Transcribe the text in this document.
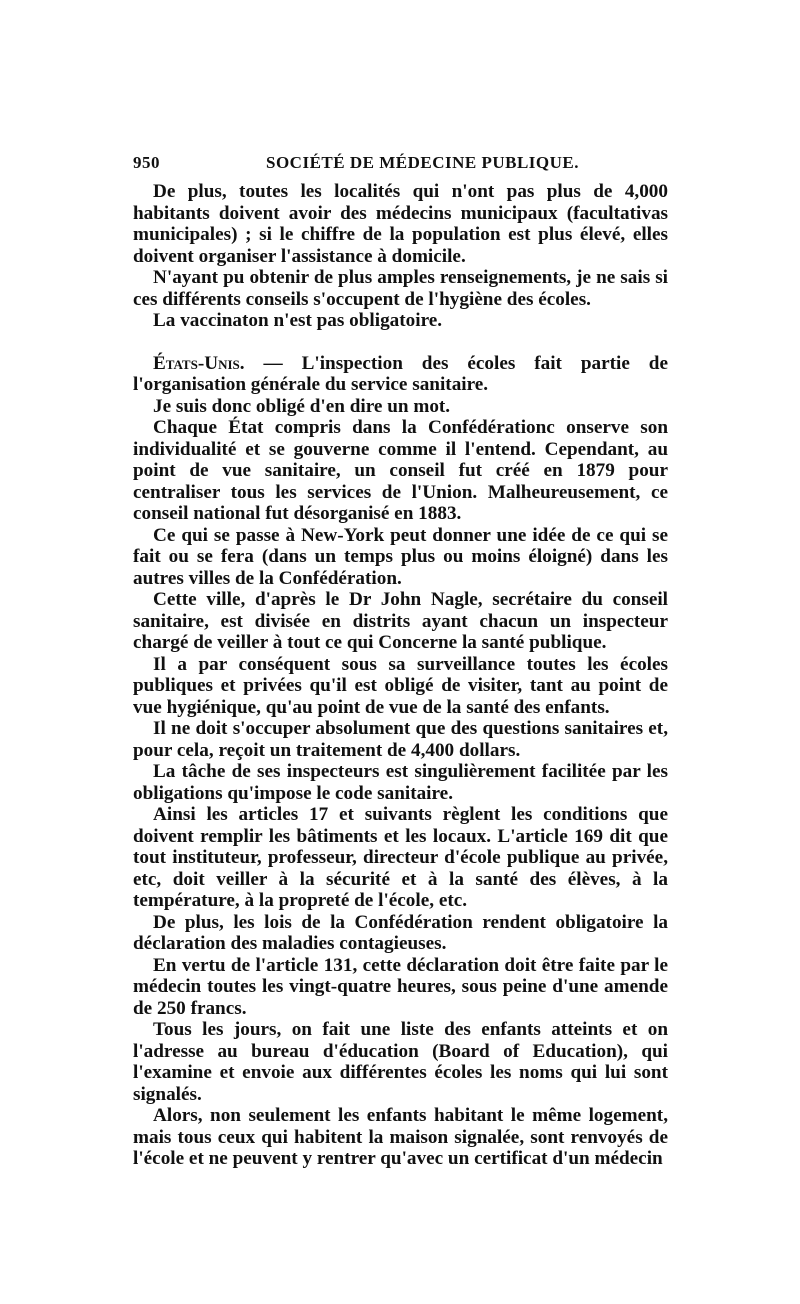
950	SOCIÉTÉ DE MÉDECINE PUBLIQUE.

De plus, toutes les localités qui n'ont pas plus de 4,000 habitants doivent avoir des médecins municipaux (facultativas municipales) ; si le chiffre de la population est plus élevé, elles doivent organiser l'assistance à domicile.

N'ayant pu obtenir de plus amples renseignements, je ne sais si ces différents conseils s'occupent de l'hygiène des écoles.

La vaccinaton n'est pas obligatoire.

États-Unis. — L'inspection des écoles fait partie de l'organisation générale du service sanitaire.

Je suis donc obligé d'en dire un mot.

Chaque État compris dans la Confédérationc onserve son individualité et se gouverne comme il l'entend. Cependant, au point de vue sanitaire, un conseil fut créé en 1879 pour centraliser tous les services de l'Union. Malheureusement, ce conseil national fut désorganisé en 1883.

Ce qui se passe à New-York peut donner une idée de ce qui se fait ou se fera (dans un temps plus ou moins éloigné) dans les autres villes de la Confédération.

Cette ville, d'après le Dr John Nagle, secrétaire du conseil sanitaire, est divisée en distrits ayant chacun un inspecteur chargé de veiller à tout ce qui Concerne la santé publique.

Il a par conséquent sous sa surveillance toutes les écoles publiques et privées qu'il est obligé de visiter, tant au point de vue hygiénique, qu'au point de vue de la santé des enfants.

Il ne doit s'occuper absolument que des questions sanitaires et, pour cela, reçoit un traitement de 4,400 dollars.

La tâche de ses inspecteurs est singulièrement facilitée par les obligations qu'impose le code sanitaire.

Ainsi les articles 17 et suivants règlent les conditions que doivent remplir les bâtiments et les locaux. L'article 169 dit que tout instituteur, professeur, directeur d'école publique au privée, etc, doit veiller à la sécurité et à la santé des élèves, à la température, à la propreté de l'école, etc.

De plus, les lois de la Confédération rendent obligatoire la déclaration des maladies contagieuses.

En vertu de l'article 131, cette déclaration doit être faite par le médecin toutes les vingt-quatre heures, sous peine d'une amende de 250 francs.

Tous les jours, on fait une liste des enfants atteints et on l'adresse au bureau d'éducation (Board of Education), qui l'examine et envoie aux différentes écoles les noms qui lui sont signalés.

Alors, non seulement les enfants habitant le même logement, mais tous ceux qui habitent la maison signalée, sont renvoyés de l'école et ne peuvent y rentrer qu'avec un certificat d'un médecin
